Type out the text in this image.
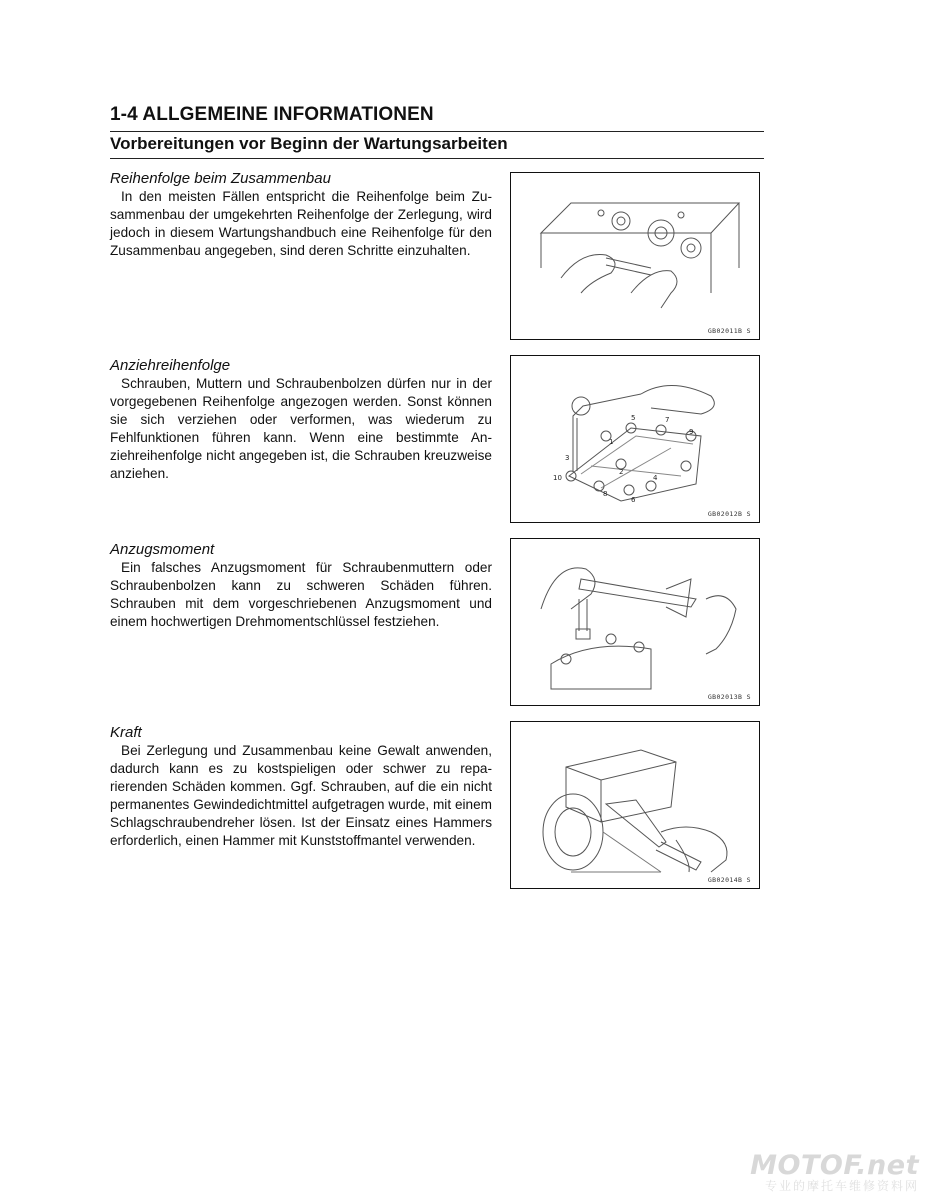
1-4 ALLGEMEINE INFORMATIONEN
Vorbereitungen vor Beginn der Wartungsarbeiten

Reihenfolge beim Zusammenbau

In den meisten Fällen entspricht die Reihenfolge beim Zusammenbau der umgekehrten Reihenfolge der Zerlegung, wird jedoch in diesem Wartungshandbuch eine Reihenfolge für den Zusammenbau angegeben, sind deren Schritte einzuhalten.

GB02011B S

Anziehreihenfolge

Schrauben, Muttern und Schraubenbolzen dürfen nur in der vorgegebenen Reihenfolge angezogen werden. Sonst können sie sich verziehen oder verformen, was wiederum zu Fehlfunktionen führen kann. Wenn eine bestimmte Anziehreihenfolge nicht angegeben ist, die Schrauben kreuzweise anziehen.

1
2
3
4
5
6
7
8
9
10
GB02012B S

Anzugsmoment

Ein falsches Anzugsmoment für Schraubenmuttern oder Schraubenbolzen kann zu schweren Schäden führen. Schrauben mit dem vorgeschriebenen Anzugsmoment und einem hochwertigen Drehmomentschlüssel festziehen.

GB02013B S

Kraft

Bei Zerlegung und Zusammenbau keine Gewalt anwenden, dadurch kann es zu kostspieligen oder schwer zu reparierenden Schäden kommen. Ggf. Schrauben, auf die ein nicht permanentes Gewindedichtmittel aufgetragen wurde, mit einem Schlagschraubendreher lösen. Ist der Einsatz eines Hammers erforderlich, einen Hammer mit Kunststoffmantel verwenden.

GB02014B S
MOTOF.net
专业的摩托车维修资料网
